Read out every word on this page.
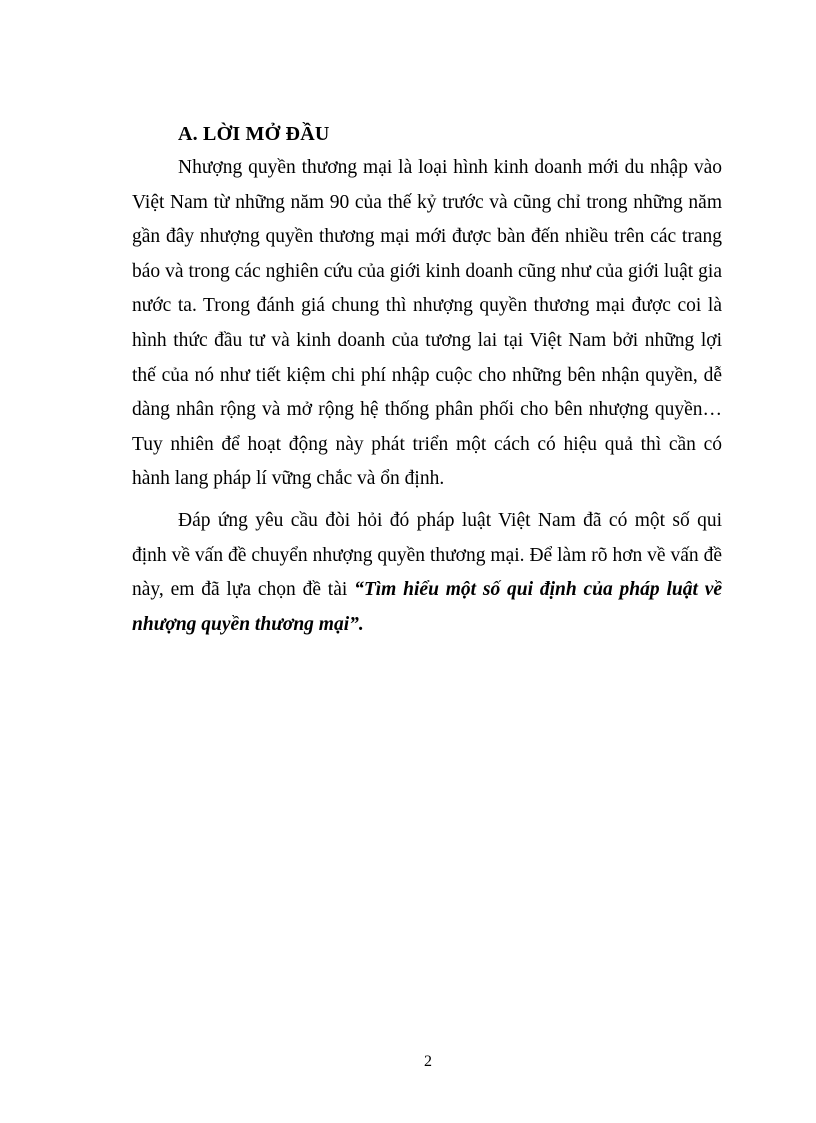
A. LỜI MỞ ĐẦU

Nhượng quyền thương mại là loại hình kinh doanh mới du nhập vào Việt Nam từ những năm 90 của thế kỷ trước và cũng chỉ trong những năm gần đây nhượng quyền thương mại mới được bàn đến nhiều trên các trang báo và trong các nghiên cứu của giới kinh doanh cũng như của giới luật gia nước ta. Trong đánh giá chung thì nhượng quyền thương mại được coi là hình thức đầu tư và kinh doanh của tương lai tại Việt Nam bởi những lợi thế của nó như tiết kiệm chi phí nhập cuộc cho những bên nhận quyền, dễ dàng nhân rộng và mở rộng hệ thống phân phối cho bên nhượng quyền…Tuy nhiên để hoạt động này phát triển một cách có hiệu quả thì cần có hành lang pháp lí vững chắc và ổn định.

Đáp ứng yêu cầu đòi hỏi đó pháp luật Việt Nam đã có một số qui định về vấn đề chuyển nhượng quyền thương mại. Để làm rõ hơn về vấn đề này, em đã lựa chọn đề tài “Tìm hiểu một số qui định của pháp luật về nhượng quyền thương mại”.

2
